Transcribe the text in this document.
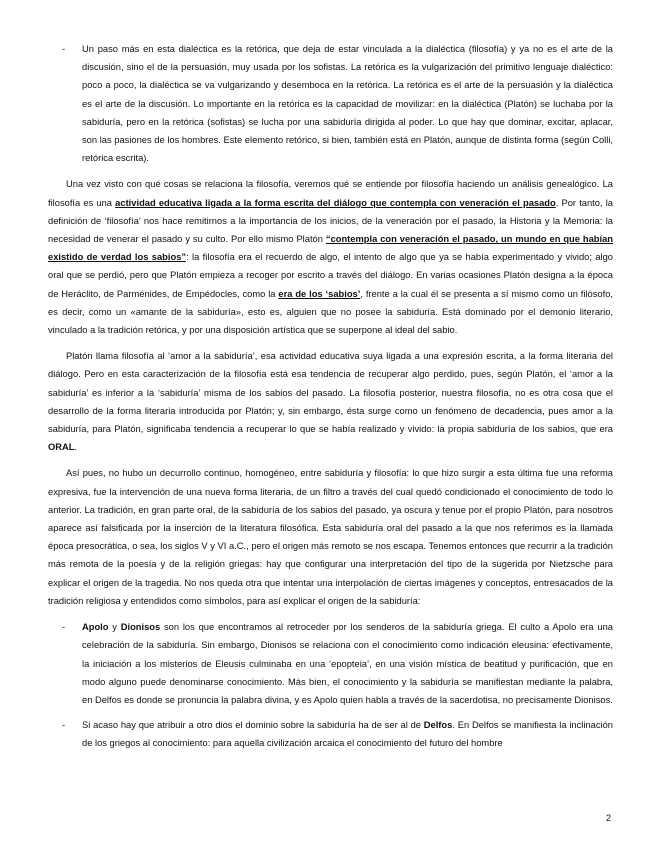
- Un paso más en esta dialéctica es la retórica, que deja de estar vinculada a la dialéctica (filosofía) y ya no es el arte de la discusión, sino el de la persuasión, muy usada por los sofistas. La retórica es la vulgarización del primitivo lenguaje dialéctico: poco a poco, la dialéctica se va vulgarizando y desemboca en la retórica. La retórica es el arte de la persuasión y la dialéctica es el arte de la discusión. Lo importante en la retórica es la capacidad de movilizar: en la dialéctica (Platón) se luchaba por la sabiduría, pero en la retórica (sofistas) se lucha por una sabiduría dirigida al poder. Lo que hay que dominar, excitar, aplacar, son las pasiones de los hombres. Este elemento retórico, si bien, también está en Platón, aunque de distinta forma (según Colli, retórica escrita).

Una vez visto con qué cosas se relaciona la filosofía, veremos qué se entiende por filosofía haciendo un análisis genealógico. La filosofía es una actividad educativa ligada a la forma escrita del diálogo que contempla con veneración el pasado. Por tanto, la definición de ‘filosofía’ nos hace remitirnos a la importancia de los inicios, de la veneración por el pasado, la Historia y la Memoria: la necesidad de venerar el pasado y su culto. Por ello mismo Platón “contempla con veneración el pasado, un mundo en que habían existido de verdad los sabios”: la filosofía era el recuerdo de algo, el intento de algo que ya se había experimentado y vivido; algo oral que se perdió, pero que Platón empieza a recoger por escrito a través del diálogo. En varias ocasiones Platón designa a la época de Heráclito, de Parménides, de Empédocles, como la era de los ‘sabios’, frente a la cual él se presenta a sí mismo como un filósofo, es decir, como un «amante de la sabiduría», esto es, alguien que no posee la sabiduría. Está dominado por el demonio literario, vinculado a la tradición retórica, y por una disposición artística que se superpone al ideal del sabio.

Platón llama filosofía al ‘amor a la sabiduría’, esa actividad educativa suya ligada a una expresión escrita, a la forma literaria del diálogo. Pero en esta caracterización de la filosofía está esa tendencia de recuperar algo perdido, pues, según Platón, el ‘amor a la sabiduría’ es inferior a la ‘sabiduría’ misma de los sabios del pasado. La filosofía posterior, nuestra filosofía, no es otra cosa que el desarrollo de la forma literaria introducida por Platón; y, sin embargo, ésta surge como un fenómeno de decadencia, pues amor a la sabiduría, para Platón, significaba tendencia a recuperar lo que se había realizado y vivido: la propia sabiduría de los sabios, que era ORAL.

Así pues, no hubo un decurrollo continuo, homogéneo, entre sabiduría y filosofía: lo que hizo surgir a esta última fue una reforma expresiva, fue la intervención de una nueva forma literaria, de un filtro a través del cual quedó condicionado el conocimiento de todo lo anterior. La tradición, en gran parte oral, de la sabiduría de los sabios del pasado, ya oscura y tenue por el propio Platón, para nosotros aparece así falsificada por la inserción de la literatura filosófica. Esta sabiduría oral del pasado a la que nos referimos es la llamada época presocrática, o sea, los siglos V y VI a.C., pero el origen más remoto se nos escapa. Tenemos entonces que recurrir a la tradición más remota de la poesía y de la religión griegas: hay que configurar una interpretación del tipo de la sugerida por Nietzsche para explicar el origen de la tragedia. No nos queda otra que intentar una interpolación de ciertas imágenes y conceptos, entresacados de la tradición religiosa y entendidos como símbolos, para así explicar el origen de la sabiduría:

- Apolo y Dionisos son los que encontramos al retroceder por los senderos de la sabiduría griega. El culto a Apolo era una celebración de la sabiduría. Sin embargo, Dionisos se relaciona con el conocimiento como indicación eleusina: efectivamente, la iniciación a los misterios de Eleusis culminaba en una ‘epopteia’, en una visión mística de beatitud y purificación, que en modo alguno puede denominarse conocimiento. Más bien, el conocimiento y la sabiduría se manifiestan mediante la palabra, en Delfos es donde se pronuncia la palabra divina, y es Apolo quien habla a través de la sacerdotisa, no precisamente Dionisos.
- Si acaso hay que atribuir a otro dios el dominio sobre la sabiduría ha de ser al de Delfos. En Delfos se manifiesta la inclinación de los griegos al conocimiento: para aquella civilización arcaica el conocimiento del futuro del hombre
2
